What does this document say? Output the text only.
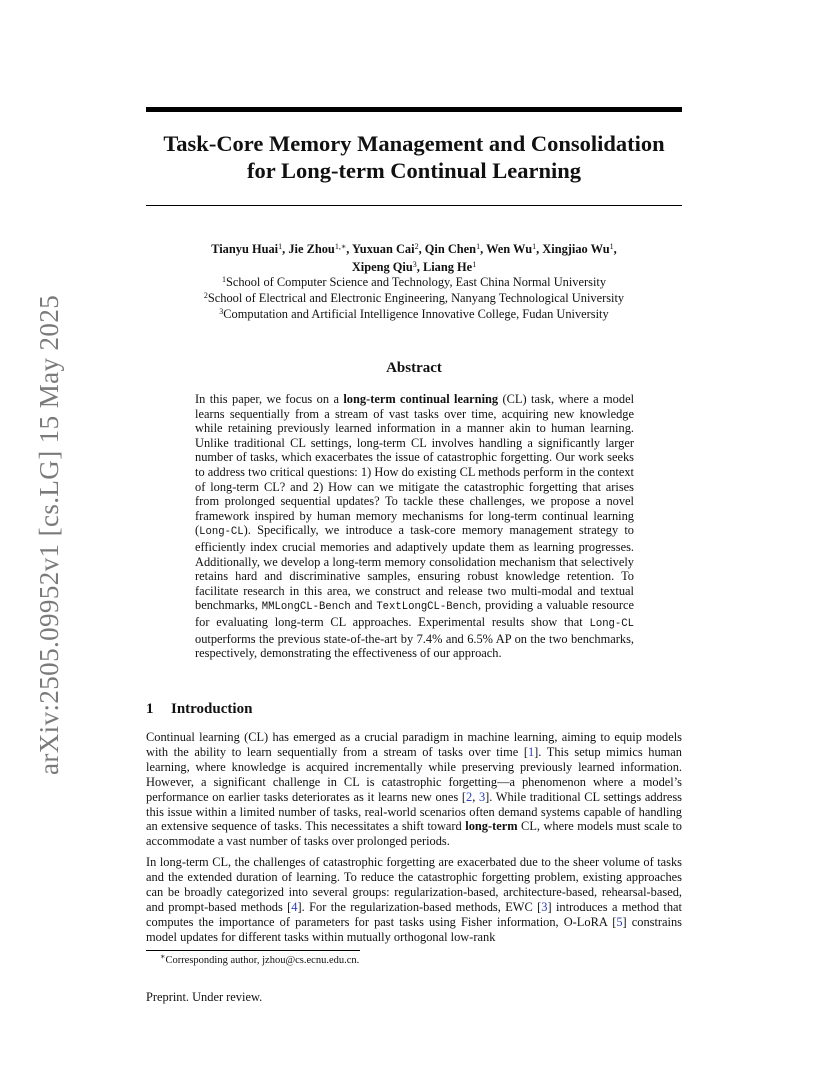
arXiv:2505.09952v1 [cs.LG] 15 May 2025
Task-Core Memory Management and Consolidation
for Long-term Continual Learning
Tianyu Huai$^1$, Jie Zhou$^{1,∗}$, Yuxuan Cai$^2$, Qin Chen$^1$, Wen Wu$^1$, Xingjiao Wu$^1$,
Xipeng Qiu$^3$, Liang He$^1$
$^1$School of Computer Science and Technology, East China Normal University
$^2$School of Electrical and Electronic Engineering, Nanyang Technological University
$^3$Computation and Artificial Intelligence Innovative College, Fudan University
Abstract
In this paper, we focus on a long-term continual learning (CL) task, where a model learns sequentially from a stream of vast tasks over time, acquiring new knowledge while retaining previously learned information in a manner akin to human learning. Unlike traditional CL settings, long-term CL involves handling a significantly larger number of tasks, which exacerbates the issue of catastrophic forgetting. Our work seeks to address two critical questions: 1) How do existing CL methods perform in the context of long-term CL? and 2) How can we mitigate the catastrophic forgetting that arises from prolonged sequential updates? To tackle these challenges, we propose a novel framework inspired by human memory mechanisms for long-term continual learning (Long-CL). Specifically, we introduce a task-core memory management strategy to efficiently index crucial memories and adaptively update them as learning progresses. Additionally, we develop a long-term memory consolidation mechanism that selectively retains hard and discriminative samples, ensuring robust knowledge retention. To facilitate research in this area, we construct and release two multi-modal and textual benchmarks, MMLongCL-Bench and TextLongCL-Bench, providing a valuable resource for evaluating long-term CL approaches. Experimental results show that Long-CL outperforms the previous state-of-the-art by 7.4% and 6.5% AP on the two benchmarks, respectively, demonstrating the effectiveness of our approach.
1 Introduction
Continual learning (CL) has emerged as a crucial paradigm in machine learning, aiming to equip models with the ability to learn sequentially from a stream of tasks over time [1]. This setup mimics human learning, where knowledge is acquired incrementally while preserving previously learned information. However, a significant challenge in CL is catastrophic forgetting—a phenomenon where a model’s performance on earlier tasks deteriorates as it learns new ones [2, 3]. While traditional CL settings address this issue within a limited number of tasks, real-world scenarios often demand systems capable of handling an extensive sequence of tasks. This necessitates a shift toward long-term CL, where models must scale to accommodate a vast number of tasks over prolonged periods.
In long-term CL, the challenges of catastrophic forgetting are exacerbated due to the sheer volume of tasks and the extended duration of learning. To reduce the catastrophic forgetting problem, existing approaches can be broadly categorized into several groups: regularization-based, architecture-based, rehearsal-based, and prompt-based methods [4]. For the regularization-based methods, EWC [3] introduces a method that computes the importance of parameters for past tasks using Fisher information, O-LoRA [5] constrains model updates for different tasks within mutually orthogonal low-rank
∗Corresponding author, jzhou@cs.ecnu.edu.cn.
Preprint. Under review.
